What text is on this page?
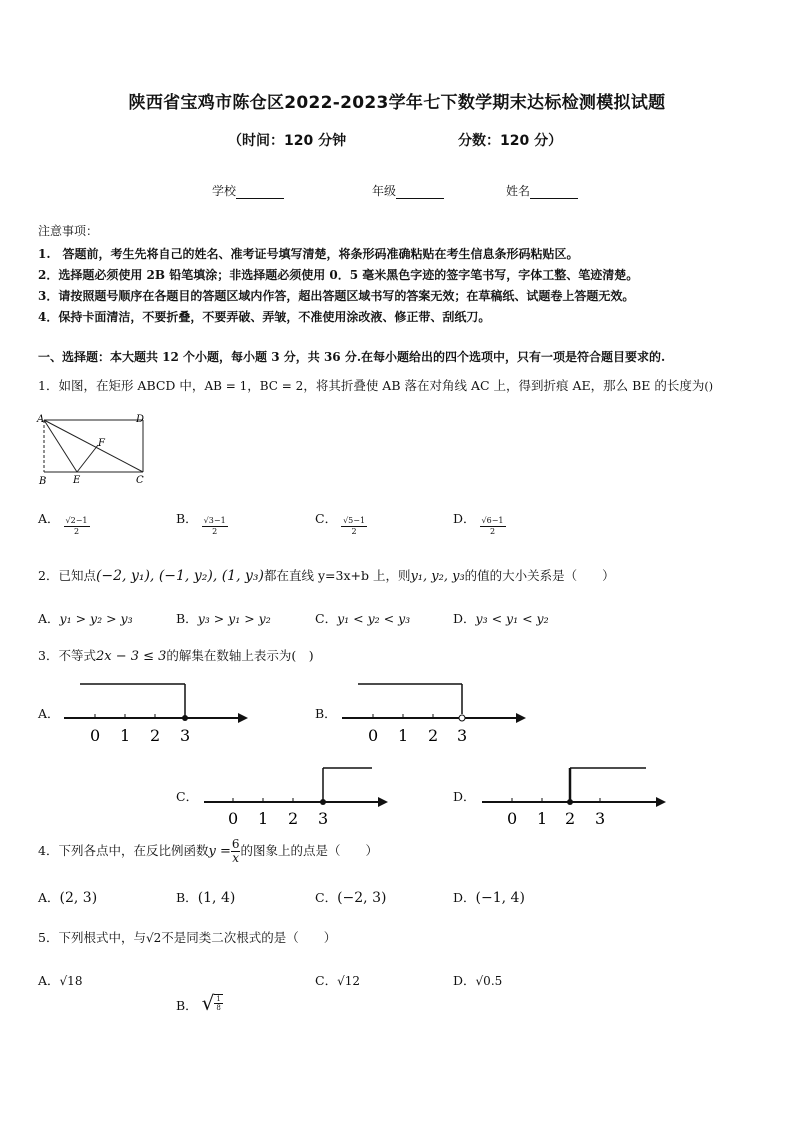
陕西省宝鸡市陈仓区2022-2023学年七下数学期末达标检测模拟试题
（时间：120 分钟	分数：120 分）
学校	年级	姓名
注意事项：
1.　答题前，考生先将自己的姓名、准考证号填写清楚，将条形码准确粘贴在考生信息条形码粘贴区。
2．选择题必须使用 2B 铅笔填涂；非选择题必须使用 0．5 毫米黑色字迹的签字笔书写，字体工整、笔迹清楚。
3．请按照题号顺序在各题目的答题区域内作答，超出答题区域书写的答案无效；在草稿纸、试题卷上答题无效。
4．保持卡面清洁，不要折叠，不要弄破、弄皱，不准使用涂改液、修正带、刮纸刀。
一、选择题：本大题共 12 个小题，每小题 3 分，共 36 分.在每小题给出的四个选项中，只有一项是符合题目要求的.
1．如图，在矩形 ABCD 中，AB = 1，BC = 2，将其折叠使 AB 落在对角线 AC 上，得到折痕 AE，那么 BE 的长度为()
A	D
B	E	C
F
A． $\frac{√2-1}{2}$	B． $\frac{√3-1}{2}$	C． $\frac{√5-1}{2}$	D． $\frac{√6-1}{2}$
2．已知点(−2, y₁), (−1, y₂), (1, y₃)都在直线 y=3x+b 上，则y₁, y₂, y₃的值的大小关系是（　　）
A．y₁ > y₂ > y₃	B．y₃ > y₁ > y₂	C．y₁ < y₂ < y₃	D．y₃ < y₁ < y₂
3．不等式2x − 3 ≤ 3的解集在数轴上表示为(　)
A．
0 1 2 3
B．
0 1 2 3
C．
0 1 2 3
D．
0 1 2 3
4．下列各点中，在反比例函数$y = \frac{6}{x}$ 的图象上的点是（　　）
A．(2, 3)	B．(1, 4)	C．(−2, 3)	D．(−1, 4)
5．下列根式中，与√2不是同类二次根式的是（　　）
A．√18
B． √ $\frac{1}{8}$
C．√12	D．√0.5
